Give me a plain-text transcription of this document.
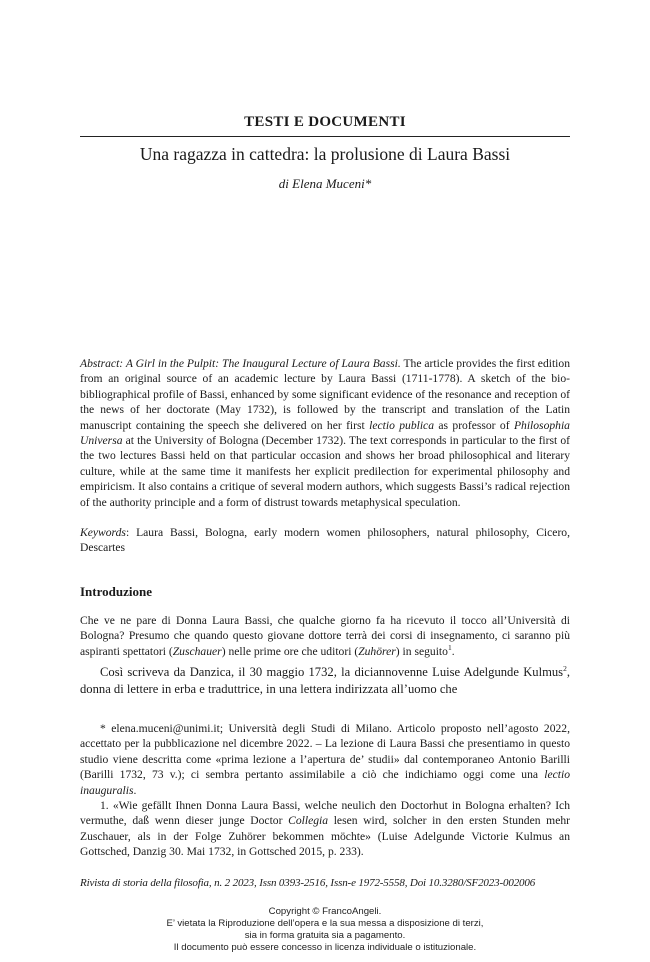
TESTI E DOCUMENTI
Una ragazza in cattedra: la prolusione di Laura Bassi
di Elena Muceni*
Abstract: A Girl in the Pulpit: The Inaugural Lecture of Laura Bassi. The article provides the first edition from an original source of an academic lecture by Laura Bassi (1711-1778). A sketch of the bio-bibliographical profile of Bassi, enhanced by some significant evidence of the resonance and reception of the news of her doctorate (May 1732), is followed by the transcript and translation of the Latin manuscript containing the speech she delivered on her first lectio publica as professor of Philosophia Universa at the University of Bologna (December 1732). The text corresponds in particular to the first of the two lectures Bassi held on that particular occasion and shows her broad philosophical and literary culture, while at the same time it manifests her explicit predilection for experimental philosophy and empiricism. It also contains a critique of several modern authors, which suggests Bassi’s radical rejection of the authority principle and a form of distrust towards metaphysical speculation.
Keywords: Laura Bassi, Bologna, early modern women philosophers, natural philosophy, Cicero, Descartes
Introduzione
Che ve ne pare di Donna Laura Bassi, che qualche giorno fa ha ricevuto il tocco all’Università di Bologna? Presumo che quando questo giovane dottore terrà dei corsi di insegnamento, ci saranno più aspiranti spettatori (Zuschauer) nelle prime ore che uditori (Zuhörer) in seguito$^1$.
Così scriveva da Danzica, il 30 maggio 1732, la diciannovenne Luise Adelgunde Kulmus$^2$, donna di lettere in erba e traduttrice, in una lettera indirizzata all’uomo che

* elena.muceni@unimi.it; Università degli Studi di Milano. Articolo proposto nell’agosto 2022, accettato per la pubblicazione nel dicembre 2022. – La lezione di Laura Bassi che presentiamo in questo studio viene descritta come «prima lezione a l’apertura de’ studii» dal contemporaneo Antonio Barilli (Barilli 1732, 73 v.); ci sembra pertanto assimilabile a ciò che indichiamo oggi come una lectio inauguralis.

1. «Wie gefällt Ihnen Donna Laura Bassi, welche neulich den Doctorhut in Bologna erhalten? Ich vermuthe, daß wenn dieser junge Doctor Collegia lesen wird, solcher in den ersten Stunden mehr Zuschauer, als in der Folge Zuhörer bekommen möchte» (Luise Adelgunde Victorie Kulmus an Gottsched, Danzig 30. Mai 1732, in Gottsched 2015, p. 233).

Rivista di storia della filosofia, n. 2 2023, Issn 0393-2516, Issn-e 1972-5558, Doi 10.3280/SF2023-002006
Copyright © FrancoAngeli.
E’ vietata la Riproduzione dell’opera e la sua messa a disposizione di terzi,
sia in forma gratuita sia a pagamento.
Il documento può essere concesso in licenza individuale o istituzionale.
